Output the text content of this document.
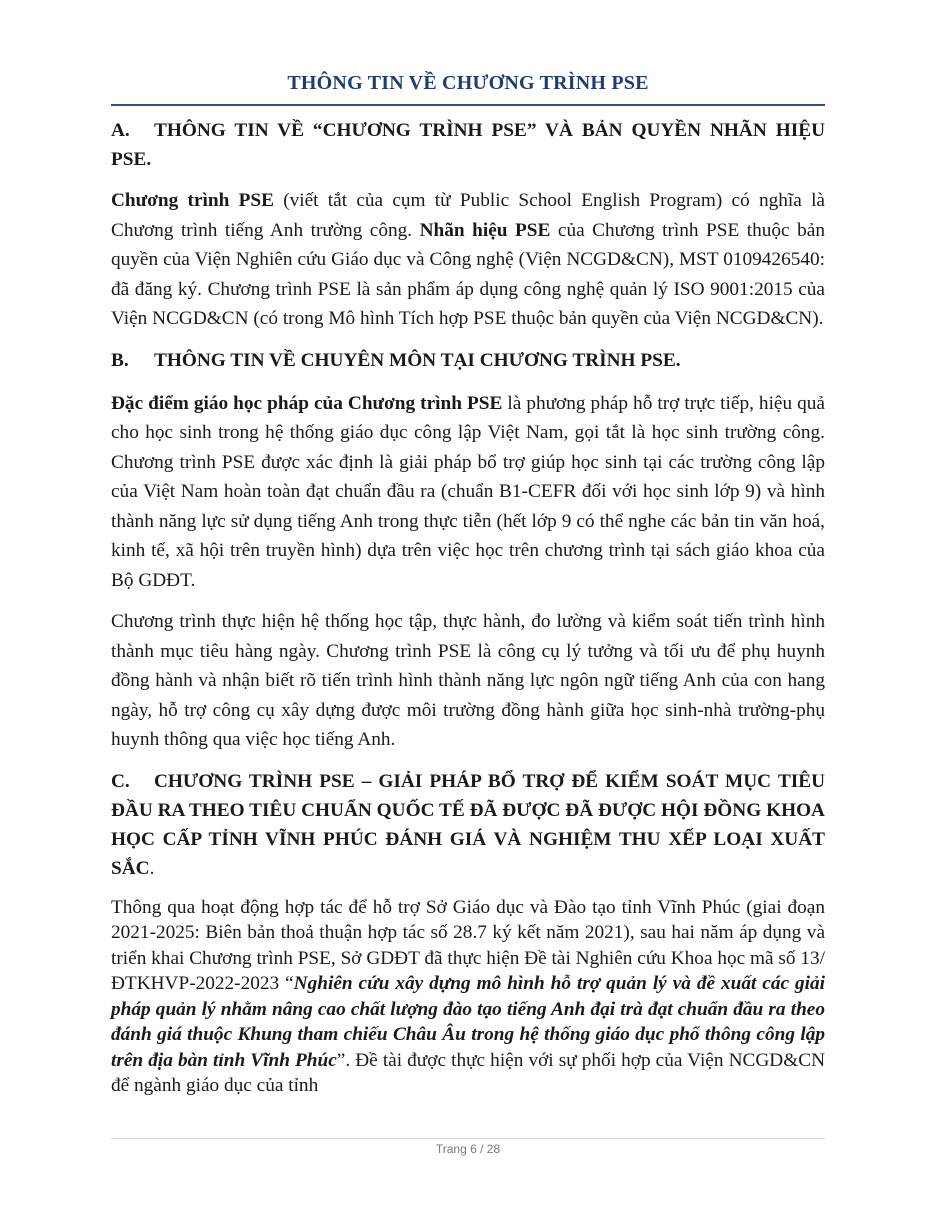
THÔNG TIN VỀ CHƯƠNG TRÌNH PSE
A. THÔNG TIN VỀ “CHƯƠNG TRÌNH PSE” VÀ BẢN QUYỀN NHÃN HIỆU PSE.

Chương trình PSE (viết tắt của cụm từ Public School English Program) có nghĩa là Chương trình tiếng Anh trường công. Nhãn hiệu PSE của Chương trình PSE thuộc bản quyền của Viện Nghiên cứu Giáo dục và Công nghệ (Viện NCGD&CN), MST 0109426540: đã đăng ký. Chương trình PSE là sản phẩm áp dụng công nghệ quản lý ISO 9001:2015 của Viện NCGD&CN (có trong Mô hình Tích hợp PSE thuộc bản quyền của Viện NCGD&CN).

B. THÔNG TIN VỀ CHUYÊN MÔN TẠI CHƯƠNG TRÌNH PSE.

Đặc điểm giáo học pháp của Chương trình PSE là phương pháp hỗ trợ trực tiếp, hiệu quả cho học sinh trong hệ thống giáo dục công lập Việt Nam, gọi tắt là học sinh trường công. Chương trình PSE được xác định là giải pháp bổ trợ giúp học sinh tại các trường công lập của Việt Nam hoàn toàn đạt chuẩn đầu ra (chuẩn B1-CEFR đối với học sinh lớp 9) và hình thành năng lực sử dụng tiếng Anh trong thực tiễn (hết lớp 9 có thể nghe các bản tin văn hoá, kinh tế, xã hội trên truyền hình) dựa trên việc học trên chương trình tại sách giáo khoa của Bộ GDĐT.

Chương trình thực hiện hệ thống học tập, thực hành, đo lường và kiểm soát tiến trình hình thành mục tiêu hàng ngày. Chương trình PSE là công cụ lý tưởng và tối ưu để phụ huynh đồng hành và nhận biết rõ tiến trình hình thành năng lực ngôn ngữ tiếng Anh của con hang ngày, hỗ trợ công cụ xây dựng được môi trường đồng hành giữa học sinh-nhà trường-phụ huynh thông qua việc học tiếng Anh.

C. CHƯƠNG TRÌNH PSE – GIẢI PHÁP BỔ TRỢ ĐỂ KIỂM SOÁT MỤC TIÊU ĐẦU RA THEO TIÊU CHUẨN QUỐC TẾ ĐÃ ĐƯỢC ĐÃ ĐƯỢC HỘI ĐỒNG KHOA HỌC CẤP TỈNH VĨNH PHÚC ĐÁNH GIÁ VÀ NGHIỆM THU XẾP LOẠI XUẤT SẮC.

Thông qua hoạt động hợp tác để hỗ trợ Sở Giáo dục và Đào tạo tỉnh Vĩnh Phúc (giai đoạn 2021-2025: Biên bản thoả thuận hợp tác số 28.7 ký kết năm 2021), sau hai năm áp dụng và triển khai Chương trình PSE, Sở GDĐT đã thực hiện Đề tài Nghiên cứu Khoa học mã số 13/ĐTKHVP-2022-2023 “Nghiên cứu xây dựng mô hình hỗ trợ quản lý và đề xuất các giải pháp quản lý nhằm nâng cao chất lượng đào tạo tiếng Anh đại trà đạt chuẩn đầu ra theo đánh giá thuộc Khung tham chiếu Châu Âu trong hệ thống giáo dục phổ thông công lập trên địa bàn tỉnh Vĩnh Phúc”. Đề tài được thực hiện với sự phối hợp của Viện NCGD&CN để ngành giáo dục của tỉnh

Trang 6 / 28
